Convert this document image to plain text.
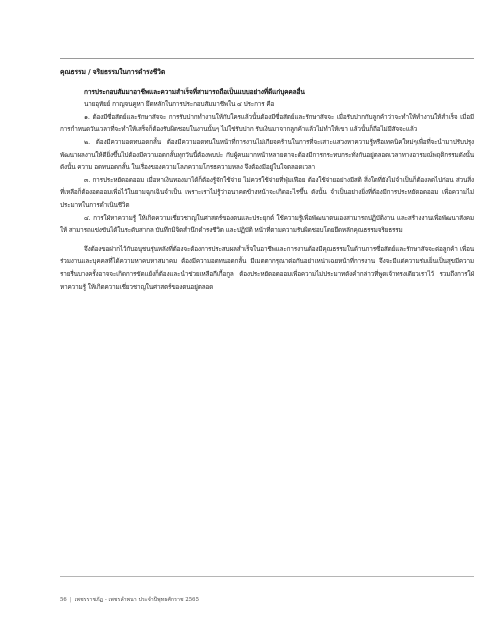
คุณธรรม / จริยธรรมในการดำรงชีวิต

การประกอบสัมมาอาชีพและความสำเร็จที่สามารถถือเป็นแบบอย่างที่ดีแก่บุคคลอื่น

นายอุทัยย์ กาญจนคูหา ยึดหลักในการประกอบสัมมาชีพใน ๔ ประการ คือ

๑. ต้องมีซื่อสัตย์และรักษาสัจจะ การรับปากทำงานให้กับใครแล้วนั้นต้องมีซื่อสัตย์และรักษาสัจจะ เมื่อรับปากกับลูกค้าว่าจะทำให้ทำงานให้สำเร็จ เมื่อมีการกำหนดวันเวลาที่จะทำให้เสร็จก็ต้องรับผิดชอบในงานนั้นๆ ไม่ใช่รับปาก รับเงินมาจากลูกค้าแล้วไม่ทำให้เขา แล้วนั้นก็ถือไม่มีสัจจะแล้ว

๒. ต้องมีความอดทนอดกลั้น ต้องมีความอดทนในหน้าที่การงานไม่เกียจคร้านในการที่จะเสาะแสวงหาความรู้หรือเทคนิคใหม่ๆเพื่อที่จะนำมาปรับปรุงพัฒนาผลงานให้ดียิ่งขึ้นไปต้องมีความอดกลั้นทุกวันนี้ต้องพบปะ กับผู้คนมากหน้าหลายตาจะต้องมีการกระทบกระทั่งกันอยู่ตลอดเวลาทางอารมณ์พฤติกรรมดังนั้น ดังนั้น ความ อดทนอดกลั้น ในเรื่องของความโลภความโกรธความหลง จึงต้องมีอยู่ในใจตลอดเวลา

๓. การประหยัดอดออม เมื่อหาเงินทองมาได้ก็ต้องรู้จักใช้จ่าย ไม่ควรใช้จ่ายที่ฟุ่มเฟือย ต้องใช้จ่ายอย่างมีสติ สิ่งใดที่ยังไม่จำเป็นก็ต้องลดไปก่อน ส่วนสิ่งที่เหลือก็ต้องอดออมเพื่อไว้ในยามฉุกเฉินจำเป็น เพราะเราไม่รู้ว่าอนาคตข้างหน้าจะเกิดอะไรขึ้น ดังนั้น จำเป็นอย่างยิ่งที่ต้องมีการประหยัดอดออม เพื่อความไม่ประมาทในการดำเนินชีวิต

๔. การใฝ่หาความรู้ ให้เกิดความเชี่ยวชาญในศาสตร์ของตนและประยุกต์ ใช้ความรู้เพื่อพัฒนาตนเองสามารถปฏิบัติงาน และสร้างงานเพื่อพัฒนาสังคมให้ สามารถแข่งขันได้ในระดับสากล บันทึกมิจิตสำนึกดำรงชีวิต และปฏิบัติ หน้าที่ตามความรับผิดชอบโดยยึดหลักคุณธรรมจริยธรรม

จึงต้องขอฝากไว้กับอนุชนรุ่นหลังที่ต้องจะต้องการประสบผลสำเร็จในอาชีพและการงานต้องมีคุณธรรมในด้านการซื่อสัตย์และรักษาสัจจะต่อลูกค้า เพื่อนร่วมงานและบุคคลที่ได้ความหาคบหาสมาคม ต้องมีความอดทนอดกลั้น มีเมตตากรุณาต่อกันอย่าเหน่าเฉยหน้าที่การงาน จึงจะมีแต่ความร่มเย็นเป็นสุขมีความรายรื่นบางครั้งอาจจะเกิดการขัดแย้งก็ต้องและนำช่วยเหลือกืเกื้อกูล ต้องประหยัดอดออมเพื่อความไม่ประมาทดังคำกล่าวที่พูดเจ้าทรงเดียวเราไว้ รวมถึงการใฝ่หาความรู้ ให้เกิดความเชี่ยวชาญในศาสตร์ของตนอยู่ตลอด

56 | เพชรราชภัฏ - เพชรลำพนา ประจำปีพุทธศักราช 2565
